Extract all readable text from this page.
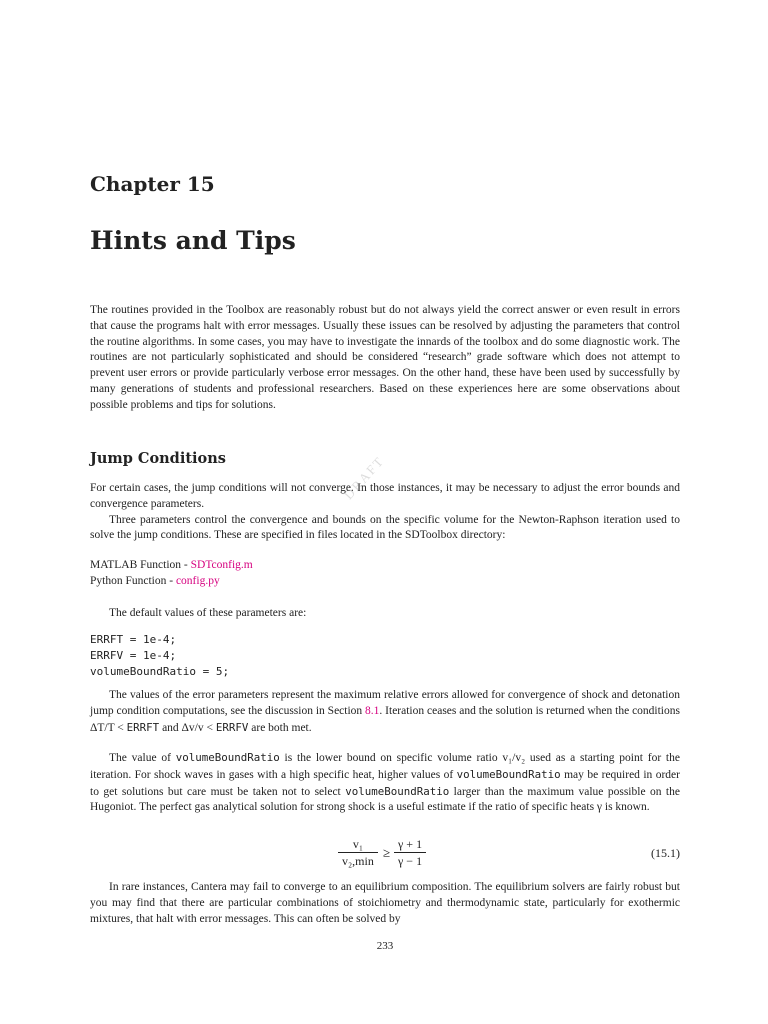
Chapter 15
Hints and Tips

The routines provided in the Toolbox are reasonably robust but do not always yield the correct answer or even result in errors that cause the programs halt with error messages. Usually these issues can be resolved by adjusting the parameters that control the routine algorithms. In some cases, you may have to investigate the innards of the toolbox and do some diagnostic work. The routines are not particularly sophisticated and should be considered “research” grade software which does not attempt to prevent user errors or provide particularly verbose error messages. On the other hand, these have been used by successfully by many generations of students and professional researchers. Based on these experiences here are some observations about possible problems and tips for solutions.

Jump Conditions

For certain cases, the jump conditions will not converge. In those instances, it may be necessary to adjust the error bounds and convergence parameters.

Three parameters control the convergence and bounds on the specific volume for the Newton-Raphson iteration used to solve the jump conditions. These are specified in files located in the SDToolbox directory:

MATLAB Function - SDTconfig.m
Python Function - config.py

The default values of these parameters are:

ERRFT = 1e-4;
ERRFV = 1e-4;
volumeBoundRatio = 5;

The values of the error parameters represent the maximum relative errors allowed for convergence of shock and detonation jump condition computations, see the discussion in Section 8.1. Iteration ceases and the solution is returned when the conditions ΔT/T < ERRFT and Δv/v < ERRFV are both met.

The value of volumeBoundRatio is the lower bound on specific volume ratio v₁/v₂ used as a starting point for the iteration. For shock waves in gases with a high specific heat, higher values of volumeBoundRatio may be required in order to get solutions but care must be taken not to select volumeBoundRatio larger than the maximum value possible on the Hugoniot. The perfect gas analytical solution for strong shock is a useful estimate if the ratio of specific heats γ is known.

v₁
v₂,min
≥
γ + 1
γ − 1
(15.1)

In rare instances, Cantera may fail to converge to an equilibrium composition. The equilibrium solvers are fairly robust but you may find that there are particular combinations of stoichiometry and thermodynamic state, particularly for exothermic mixtures, that halt with error messages. This can often be solved by

233
DRAFT
